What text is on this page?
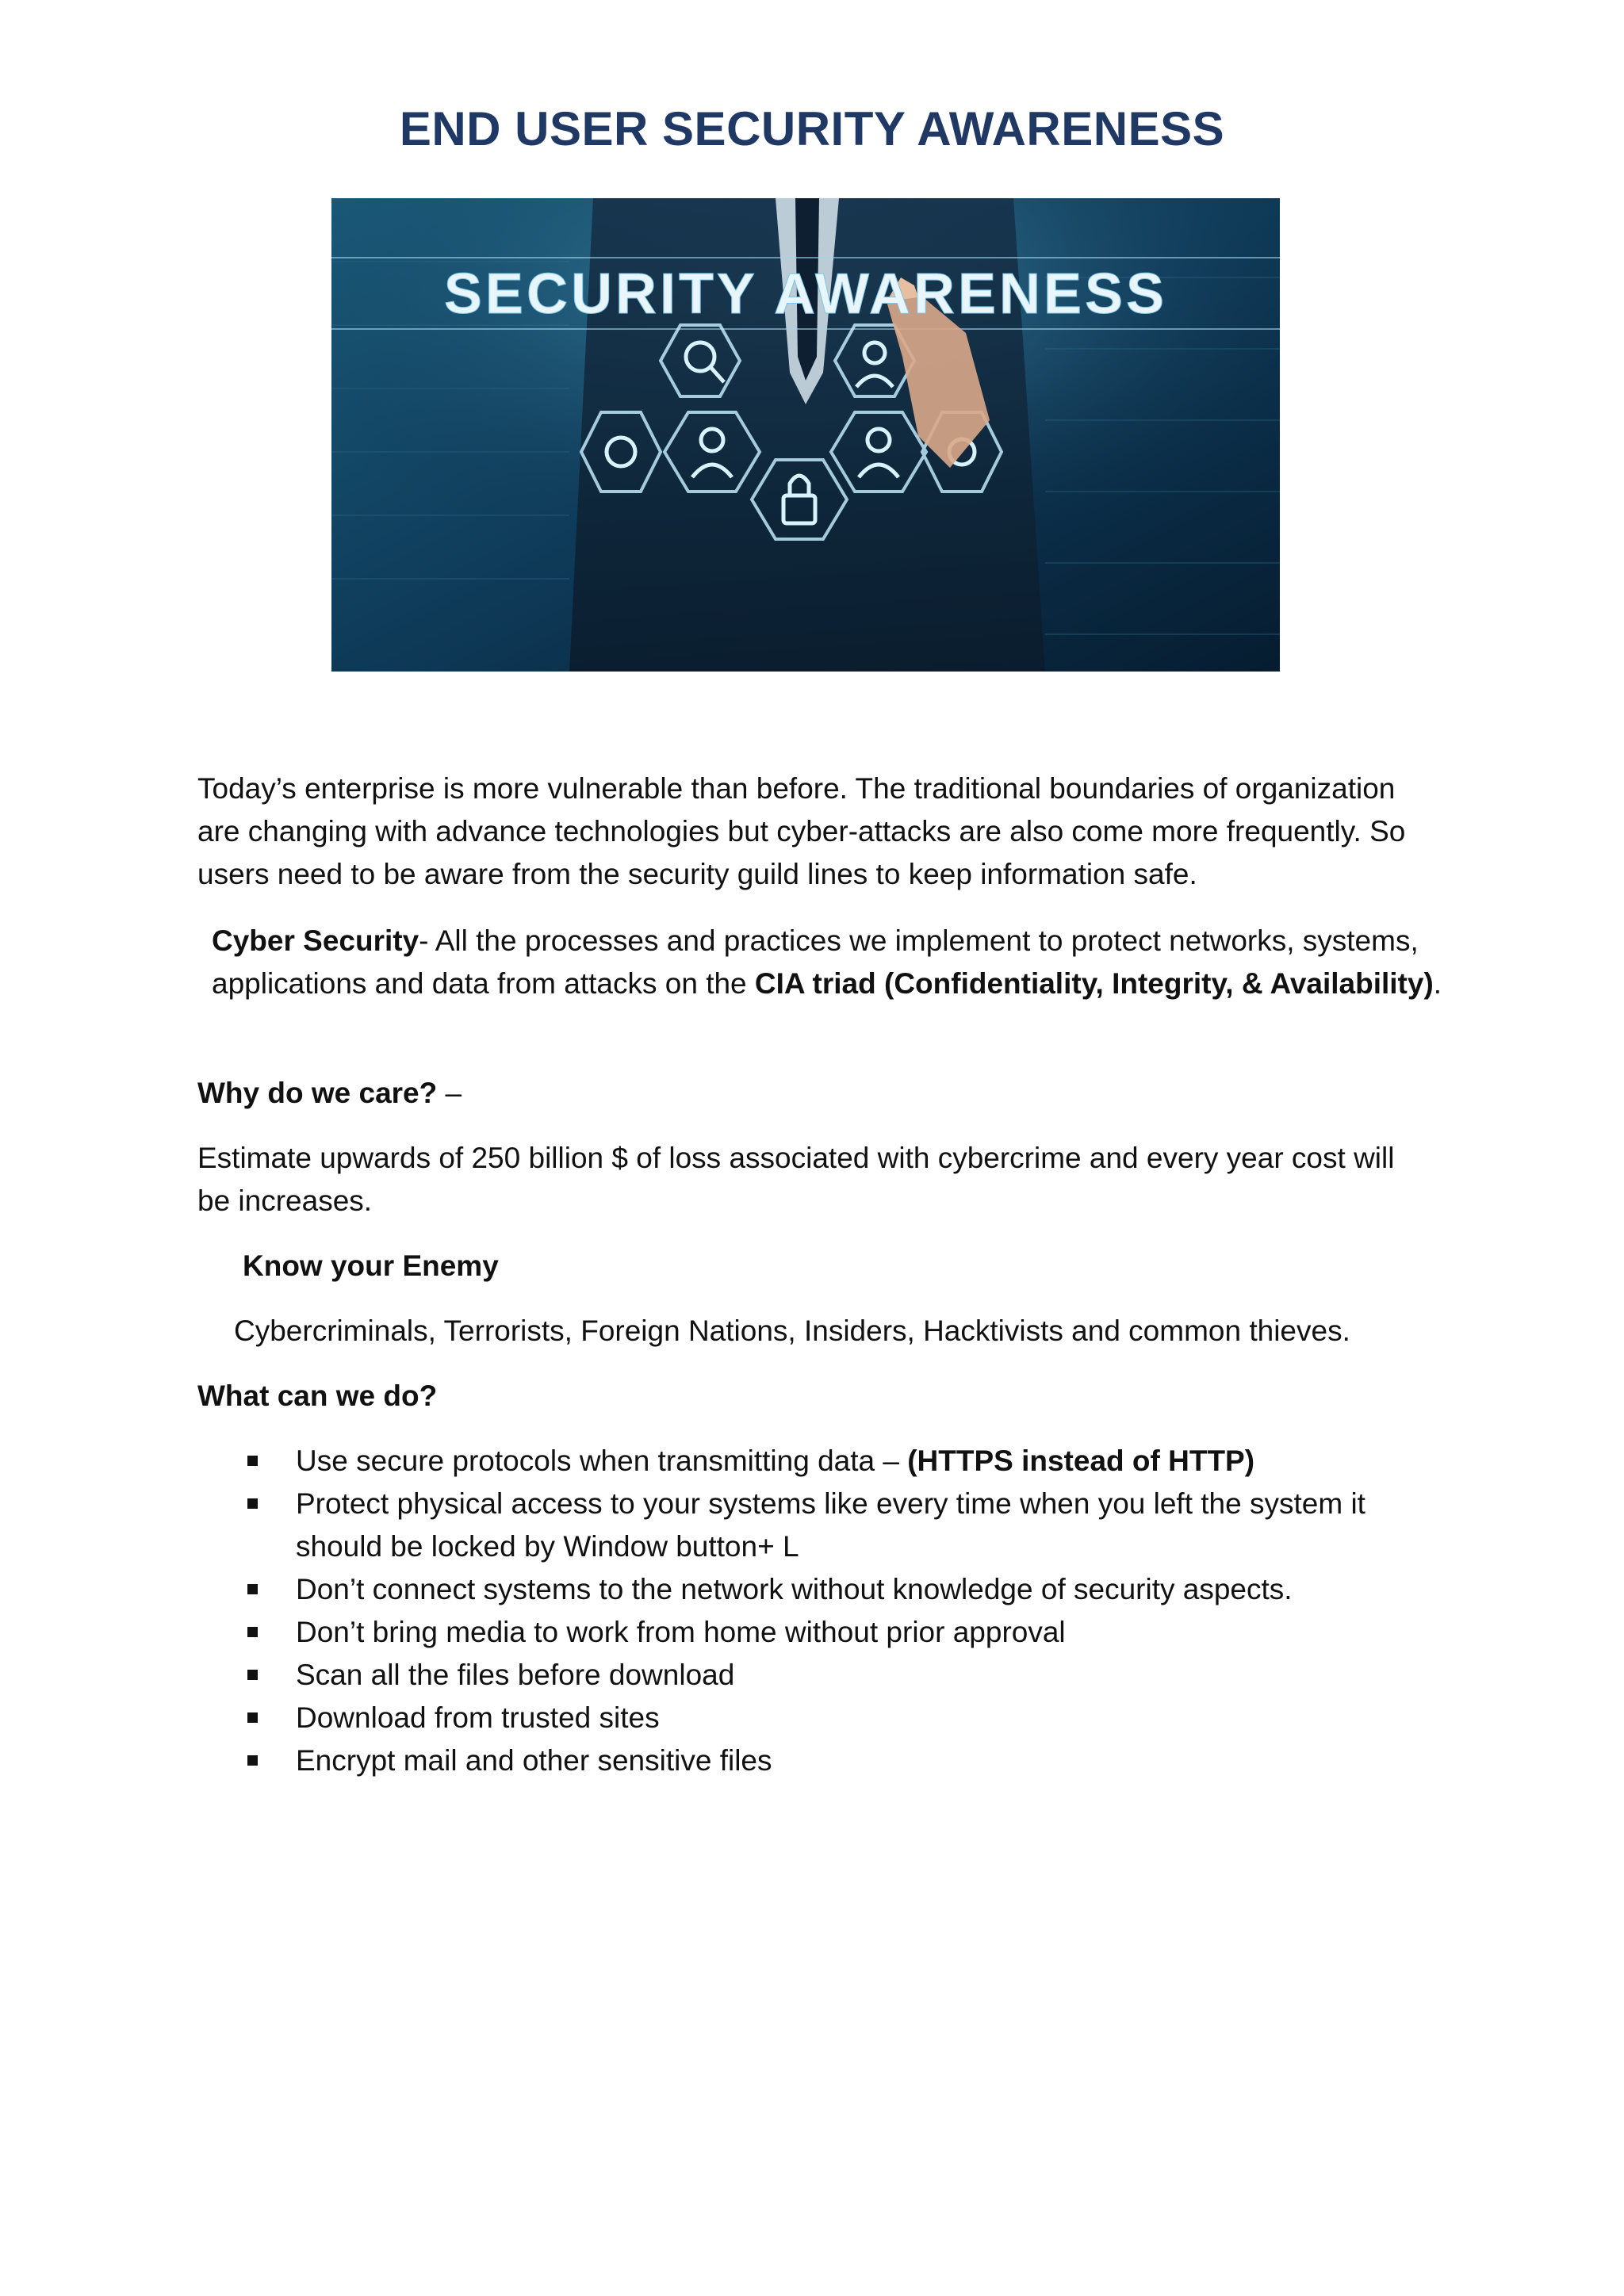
END USER SECURITY AWARENESS
SECURITY AWARENESS
Today’s enterprise is more vulnerable than before. The traditional boundaries of organization are changing with advance technologies but cyber-attacks are also come more frequently. So users need to be aware from the security guild lines to keep information safe.
Cyber Security- All the processes and practices we implement to protect networks, systems, applications and data from attacks on the CIA triad (Confidentiality, Integrity, & Availability).
Why do we care? –
Estimate upwards of 250 billion $ of loss associated with cybercrime and every year cost will be increases.
Know your Enemy
Cybercriminals, Terrorists, Foreign Nations, Insiders, Hacktivists and common thieves.
What can we do?
Use secure protocols when transmitting data – (HTTPS instead of HTTP)
Protect physical access to your systems like every time when you left the system it should be locked by Window button+ L
Don’t connect systems to the network without knowledge of security aspects.
Don’t bring media to work from home without prior approval
Scan all the files before download
Download from trusted sites
Encrypt mail and other sensitive files
